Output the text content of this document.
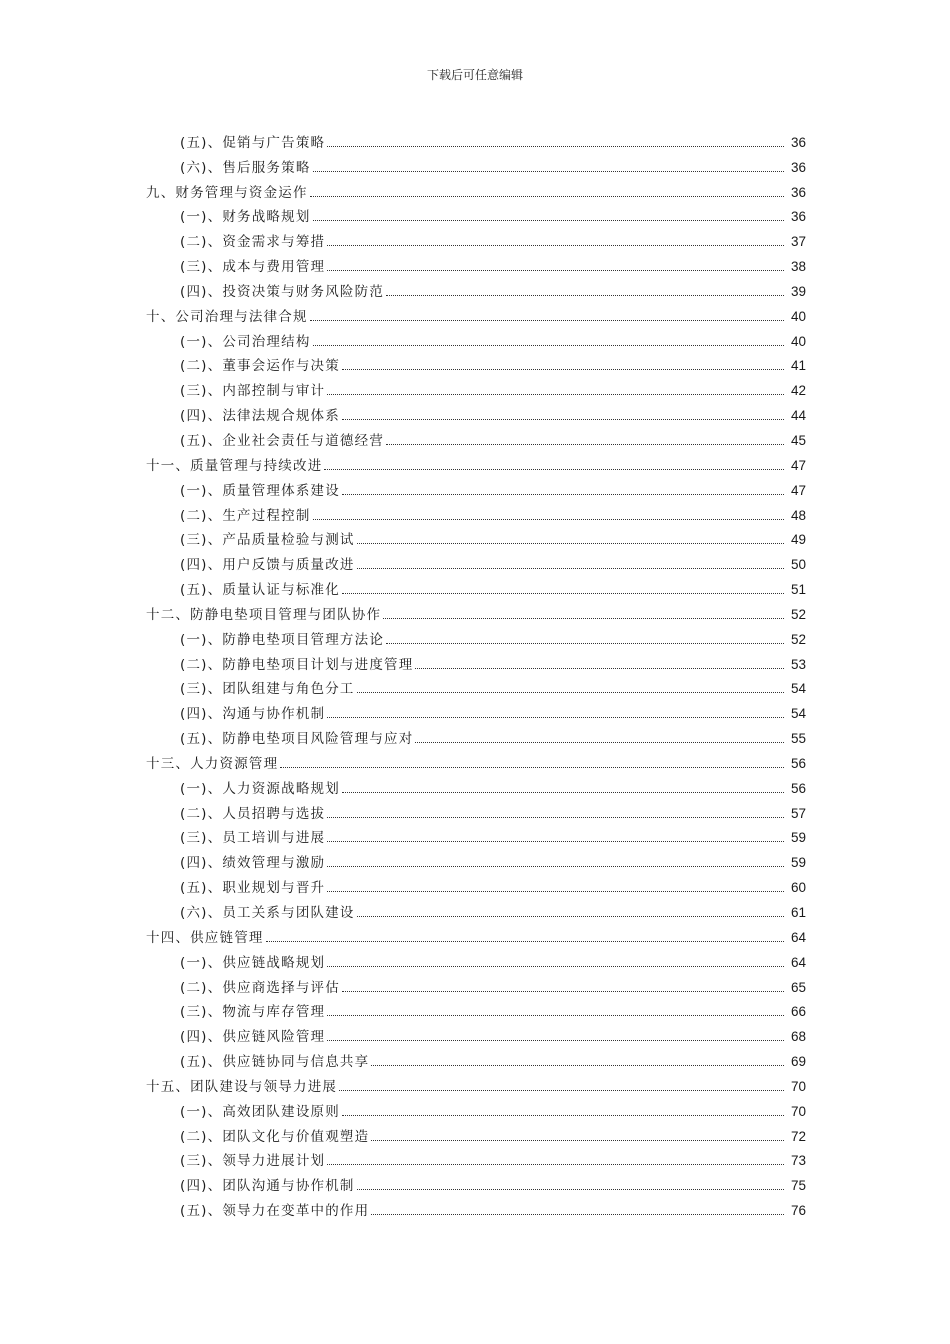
下载后可任意编辑
(五)、促销与广告策略	36
(六)、售后服务策略	36
九、财务管理与资金运作	36
(一)、财务战略规划	36
(二)、资金需求与筹措	37
(三)、成本与费用管理	38
(四)、投资决策与财务风险防范	39
十、公司治理与法律合规	40
(一)、公司治理结构	40
(二)、董事会运作与决策	41
(三)、内部控制与审计	42
(四)、法律法规合规体系	44
(五)、企业社会责任与道德经营	45
十一、质量管理与持续改进	47
(一)、质量管理体系建设	47
(二)、生产过程控制	48
(三)、产品质量检验与测试	49
(四)、用户反馈与质量改进	50
(五)、质量认证与标准化	51
十二、防静电垫项目管理与团队协作	52
(一)、防静电垫项目管理方法论	52
(二)、防静电垫项目计划与进度管理	53
(三)、团队组建与角色分工	54
(四)、沟通与协作机制	54
(五)、防静电垫项目风险管理与应对	55
十三、人力资源管理	56
(一)、人力资源战略规划	56
(二)、人员招聘与选拔	57
(三)、员工培训与进展	59
(四)、绩效管理与激励	59
(五)、职业规划与晋升	60
(六)、员工关系与团队建设	61
十四、供应链管理	64
(一)、供应链战略规划	64
(二)、供应商选择与评估	65
(三)、物流与库存管理	66
(四)、供应链风险管理	68
(五)、供应链协同与信息共享	69
十五、团队建设与领导力进展	70
(一)、高效团队建设原则	70
(二)、团队文化与价值观塑造	72
(三)、领导力进展计划	73
(四)、团队沟通与协作机制	75
(五)、领导力在变革中的作用	76
